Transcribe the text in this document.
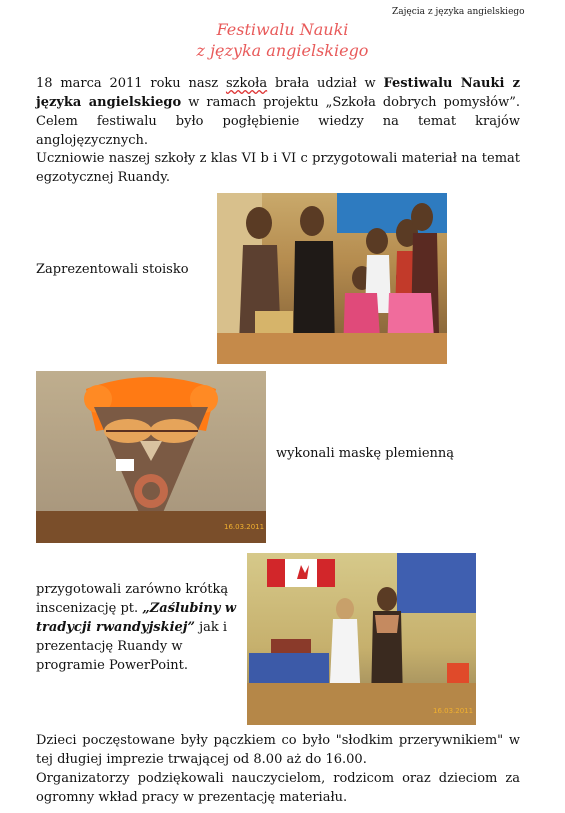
Zajęcia z języka angielskiego
Festiwalu Nauki
z języka angielskiego
18 marca 2011 roku nasz szkoła brała udział w Festiwalu Nauki z języka angielskiego w ramach projektu „Szkoła dobrych pomysłów”. Celem festiwalu było pogłębienie wiedzy na temat krajów anglojęzycznych.
Uczniowie naszej szkoły z klas VI b i VI c przygotowali materiał na temat egzotycznej Ruandy.
Zaprezentowali stoisko
16.03.2011
wykonali maskę plemienną
16.03.2011
przygotowali zarówno krótką inscenizację pt. „Zaślubiny w tradycji rwandyjskiej” jak i prezentację Ruandy w programie PowerPoint.
Dzieci poczęstowane były pączkiem co było "słodkim przerywnikiem" w tej długiej imprezie trwającej od 8.00 aż do 16.00.
Organizatorzy podziękowali nauczycielom, rodzicom oraz dzieciom za ogromny wkład pracy w prezentację materiału.
